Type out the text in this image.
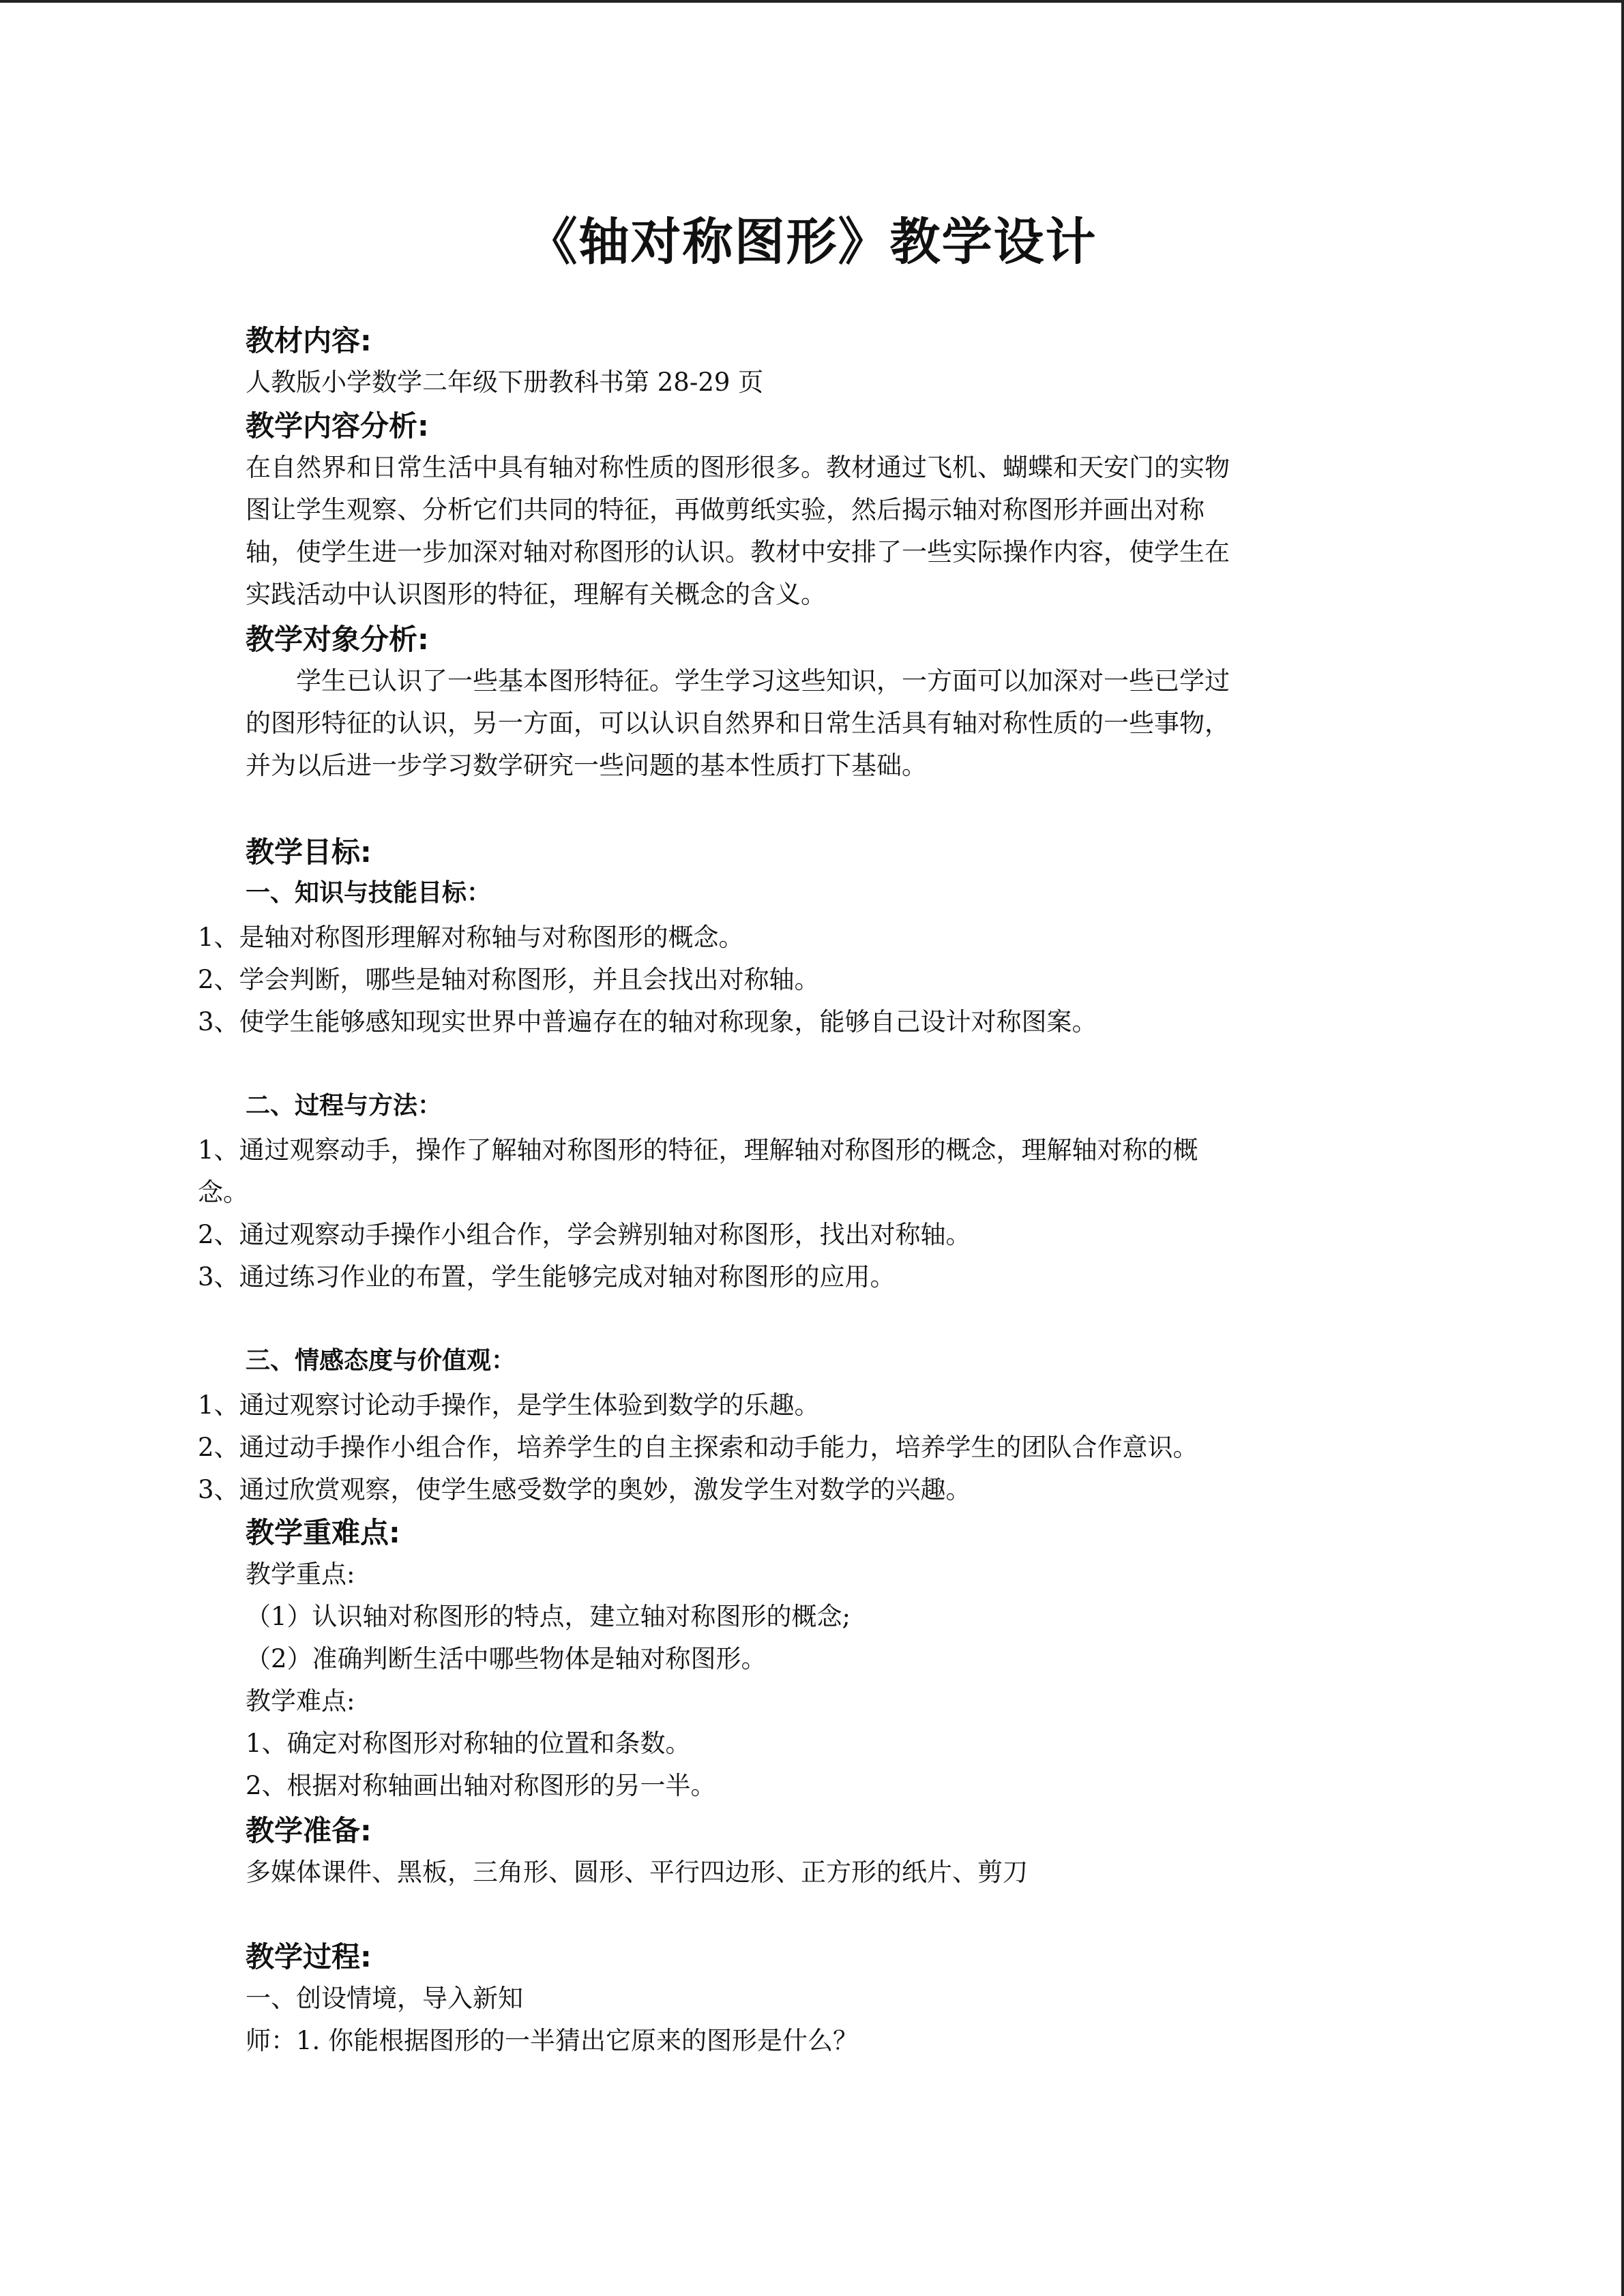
《轴对称图形》教学设计
教材内容:
人教版小学数学二年级下册教科书第 28-29 页
教学内容分析:
在自然界和日常生活中具有轴对称性质的图形很多。教材通过飞机、蝴蝶和天安门的实物
图让学生观察、分析它们共同的特征，再做剪纸实验，然后揭示轴对称图形并画出对称
轴，使学生进一步加深对轴对称图形的认识。教材中安排了一些实际操作内容，使学生在
实践活动中认识图形的特征，理解有关概念的含义。
教学对象分析:
学生已认识了一些基本图形特征。学生学习这些知识，一方面可以加深对一些已学过
的图形特征的认识，另一方面，可以认识自然界和日常生活具有轴对称性质的一些事物，
并为以后进一步学习数学研究一些问题的基本性质打下基础。
教学目标:
一、知识与技能目标：
1、是轴对称图形理解对称轴与对称图形的概念。
2、学会判断，哪些是轴对称图形，并且会找出对称轴。
3、使学生能够感知现实世界中普遍存在的轴对称现象，能够自己设计对称图案。
二、过程与方法：
1、通过观察动手，操作了解轴对称图形的特征，理解轴对称图形的概念，理解轴对称的概
念。
2、通过观察动手操作小组合作，学会辨别轴对称图形，找出对称轴。
3、通过练习作业的布置，学生能够完成对轴对称图形的应用。
三、情感态度与价值观：
1、通过观察讨论动手操作，是学生体验到数学的乐趣。
2、通过动手操作小组合作，培养学生的自主探索和动手能力，培养学生的团队合作意识。
3、通过欣赏观察，使学生感受数学的奥妙，激发学生对数学的兴趣。
教学重难点:
教学重点:
（1）认识轴对称图形的特点，建立轴对称图形的概念;
（2）准确判断生活中哪些物体是轴对称图形。
教学难点:
1、确定对称图形对称轴的位置和条数。
2、根据对称轴画出轴对称图形的另一半。
教学准备:
多媒体课件、黑板，三角形、圆形、平行四边形、正方形的纸片、剪刀
教学过程:
一、创设情境，导入新知
师：1. 你能根据图形的一半猜出它原来的图形是什么？
